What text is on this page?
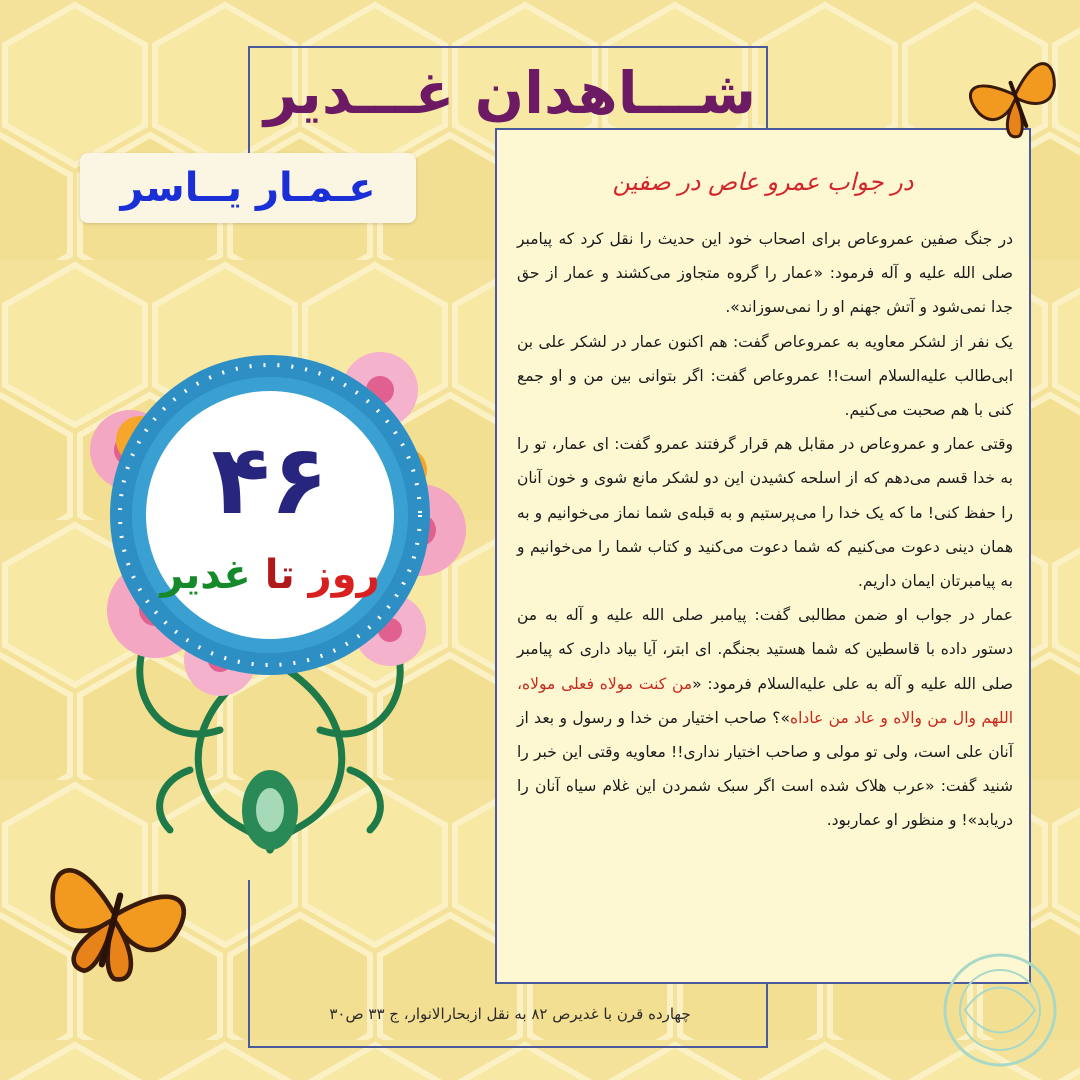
شـــاهدان غـــدیر
عـمـار یــاسر	در جواب عمرو عاص در صفین

در جنگ صفین عمروعاص برای اصحاب خود این حدیث را نقل کرد که پیامبر صلی الله علیه و آله فرمود: «عمار را گروه متجاوز می‌کشند و عمار از حق جدا نمی‌شود و آتش جهنم او را نمی‌سوزاند».

یک نفر از لشکر معاویه به عمروعاص گفت: هم اکنون عمار در لشکر علی بن ابی‌طالب علیه‌السلام است!! عمروعاص گفت: اگر بتوانی بین من و او جمع کنی با هم صحبت می‌کنیم.

وقتی عمار و عمروعاص در مقابل هم قرار گرفتند عمرو گفت: ای عمار، تو را به خدا قسم می‌دهم که از اسلحه کشیدن این دو لشکر مانع شوی و خون آنان را حفظ کنی! ما که یک خدا را می‌پرستیم و به قبله‌ی شما نماز می‌خوانیم و به همان دینی دعوت می‌کنیم که شما دعوت می‌کنید و کتاب شما را می‌خوانیم و به پیامبرتان ایمان داریم.

عمار در جواب او ضمن مطالبی گفت: پیامبر صلی الله علیه و آله به من دستور داده با قاسطین که شما هستید بجنگم. ای ابتر، آیا بیاد داری که پیامبر صلی الله علیه و آله به علی علیه‌السلام فرمود: «من کنت مولاه فعلی مولاه، اللهم وال من والاه و عاد من عاداه»؟ صاحب اختیار من خدا و رسول و بعد از آنان علی است، ولی تو مولی و صاحب اختیار نداری!! معاویه وقتی این خبر را شنید گفت: «عرب هلاک شده است اگر سبک شمردن این غلام سیاه آنان را دریابد»! و منظور او عماربود.

چهارده قرن با غدیرص ۸۲ به نقل ازبحارالانوار، ج ۳۳ ص۳۰
۴۶
روز تا غدیر
